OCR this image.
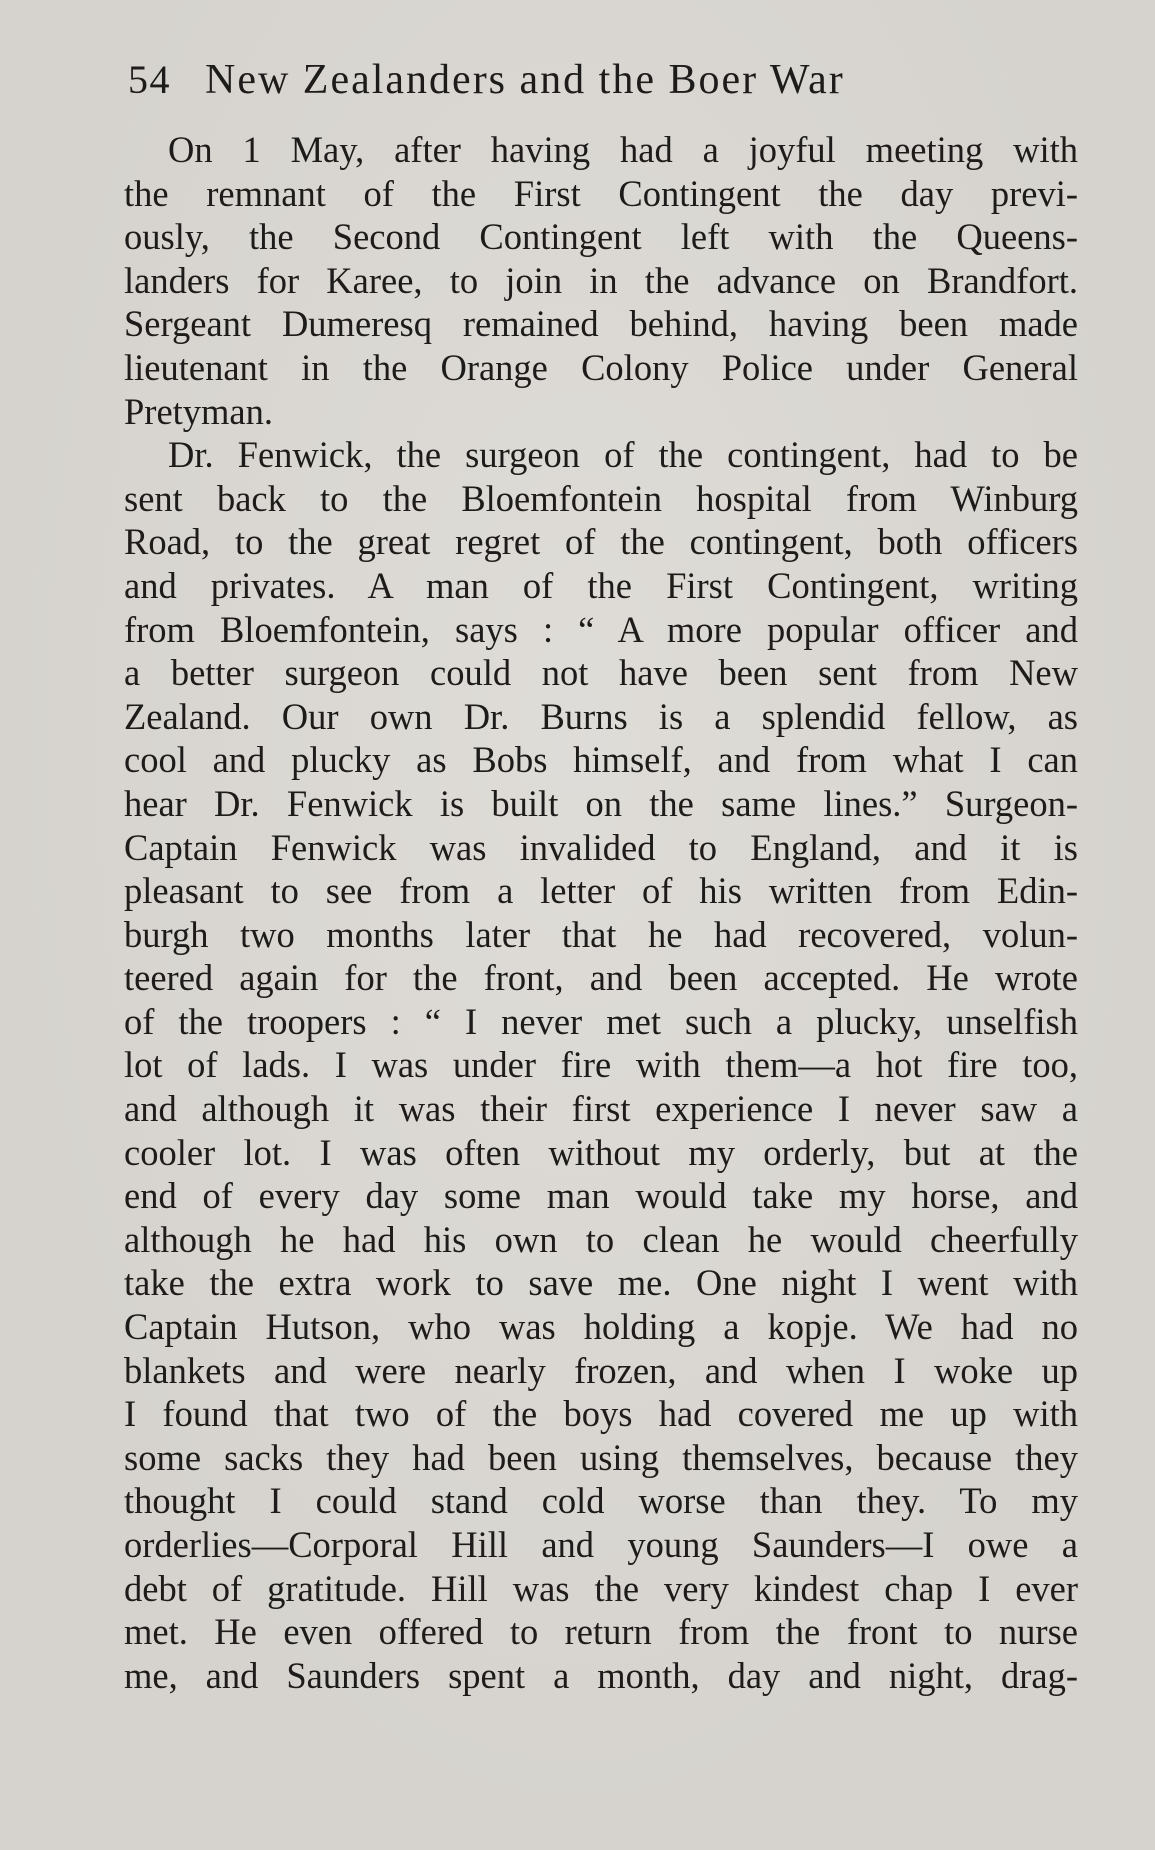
54 New Zealanders and the Boer War
On 1 May, after having had a joyful meeting with
the remnant of the First Contingent the day previ-
ously, the Second Contingent left with the Queens-
landers for Karee, to join in the advance on Brandfort.
Sergeant Dumeresq remained behind, having been made
lieutenant in the Orange Colony Police under General
Pretyman.
Dr. Fenwick, the surgeon of the contingent, had to be
sent back to the Bloemfontein hospital from Winburg
Road, to the great regret of the contingent, both officers
and privates. A man of the First Contingent, writing
from Bloemfontein, says : “ A more popular officer and
a better surgeon could not have been sent from New
Zealand. Our own Dr. Burns is a splendid fellow, as
cool and plucky as Bobs himself, and from what I can
hear Dr. Fenwick is built on the same lines.” Surgeon-
Captain Fenwick was invalided to England, and it is
pleasant to see from a letter of his written from Edin-
burgh two months later that he had recovered, volun-
teered again for the front, and been accepted. He wrote
of the troopers : “ I never met such a plucky, unselfish
lot of lads. I was under fire with them—a hot fire too,
and although it was their first experience I never saw a
cooler lot. I was often without my orderly, but at the
end of every day some man would take my horse, and
although he had his own to clean he would cheerfully
take the extra work to save me. One night I went with
Captain Hutson, who was holding a kopje. We had no
blankets and were nearly frozen, and when I woke up
I found that two of the boys had covered me up with
some sacks they had been using themselves, because they
thought I could stand cold worse than they. To my
orderlies—Corporal Hill and young Saunders—I owe a
debt of gratitude. Hill was the very kindest chap I ever
met. He even offered to return from the front to nurse
me, and Saunders spent a month, day and night, drag-
